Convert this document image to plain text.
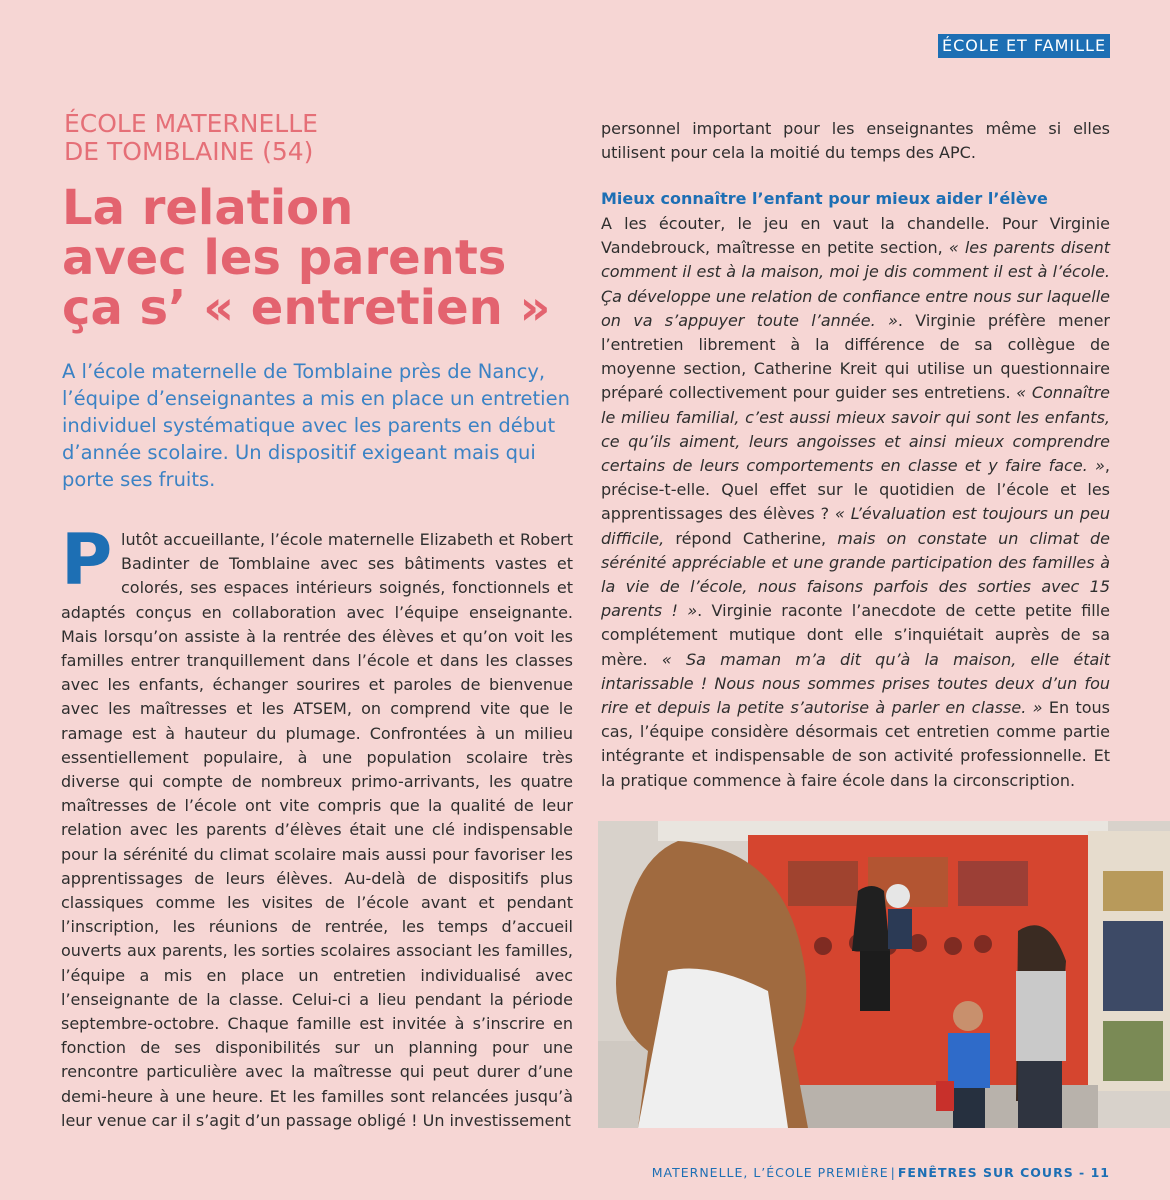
ÉCOLE ET FAMILLE
ÉCOLE MATERNELLE
DE TOMBLAINE (54)
La relation
avec les parents
ça s’ « entretien »
A l’école maternelle de Tomblaine près de Nancy, l’équipe d’enseignantes a mis en place un entretien individuel systématique avec les parents en début d’année scolaire. Un dispositif exigeant mais qui porte ses fruits.

Plutôt accueillante, l’école maternelle Elizabeth et Robert Badinter de Tomblaine avec ses bâtiments vastes et colorés, ses espaces intérieurs soignés, fonctionnels et adaptés conçus en collaboration avec l’équipe enseignante. Mais lorsqu’on assiste à la rentrée des élèves et qu’on voit les familles entrer tranquillement dans l’école et dans les classes avec les enfants, échanger sourires et paroles de bienvenue avec les maîtresses et les ATSEM, on comprend vite que le ramage est à hauteur du plumage. Confrontées à un milieu essentiellement populaire, à une population scolaire très diverse qui compte de nombreux primo-arrivants, les quatre maîtresses de l’école ont vite compris que la qualité de leur relation avec les parents d’élèves était une clé indispensable pour la sérénité du climat scolaire mais aussi pour favoriser les apprentissages de leurs élèves. Au-delà de dispositifs plus classiques comme les visites de l’école avant et pendant l’inscription, les réunions de rentrée, les temps d’accueil ouverts aux parents, les sorties scolaires associant les familles, l’équipe a mis en place un entretien individualisé avec l’enseignante de la classe. Celui-ci a lieu pendant la période septembre-octobre. Chaque famille est invitée à s’inscrire en fonction de ses disponibilités sur un planning pour une rencontre particulière avec la maîtresse qui peut durer d’une demi-heure à une heure. Et les familles sont relancées jusqu’à leur venue car il s’agit d’un passage obligé ! Un investissement

personnel important pour les enseignantes même si elles utilisent pour cela la moitié du temps des APC.

Mieux connaître l’enfant pour mieux aider l’élève

A les écouter, le jeu en vaut la chandelle. Pour Virginie Vandebrouck, maîtresse en petite section, « les parents disent comment il est à la maison, moi je dis comment il est à l’école. Ça développe une relation de confiance entre nous sur laquelle on va s’appuyer toute l’année. ». Virginie préfère mener l’entretien librement à la différence de sa collègue de moyenne section, Catherine Kreit qui utilise un questionnaire préparé collectivement pour guider ses entretiens. « Connaître le milieu familial, c’est aussi mieux savoir qui sont les enfants, ce qu’ils aiment, leurs angoisses et ainsi mieux comprendre certains de leurs comportements en classe et y faire face. », précise-t-elle. Quel effet sur le quotidien de l’école et les apprentissages des élèves ? « L’évaluation est toujours un peu difficile, répond Catherine, mais on constate un climat de sérénité appréciable et une grande participation des familles à la vie de l’école, nous faisons parfois des sorties avec 15 parents ! ». Virginie raconte l’anecdote de cette petite fille complétement mutique dont elle s’inquiétait auprès de sa mère. « Sa maman m’a dit qu’à la maison, elle était intarissable ! Nous nous sommes prises toutes deux d’un fou rire et depuis la petite s’autorise à parler en classe. » En tous cas, l’équipe considère désormais cet entretien comme partie intégrante et indispensable de son activité professionnelle. Et la pratique commence à faire école dans la circonscription.

MATERNELLE, L’ÉCOLE PREMIÈRE | FENÊTRES SUR COURS - 11
